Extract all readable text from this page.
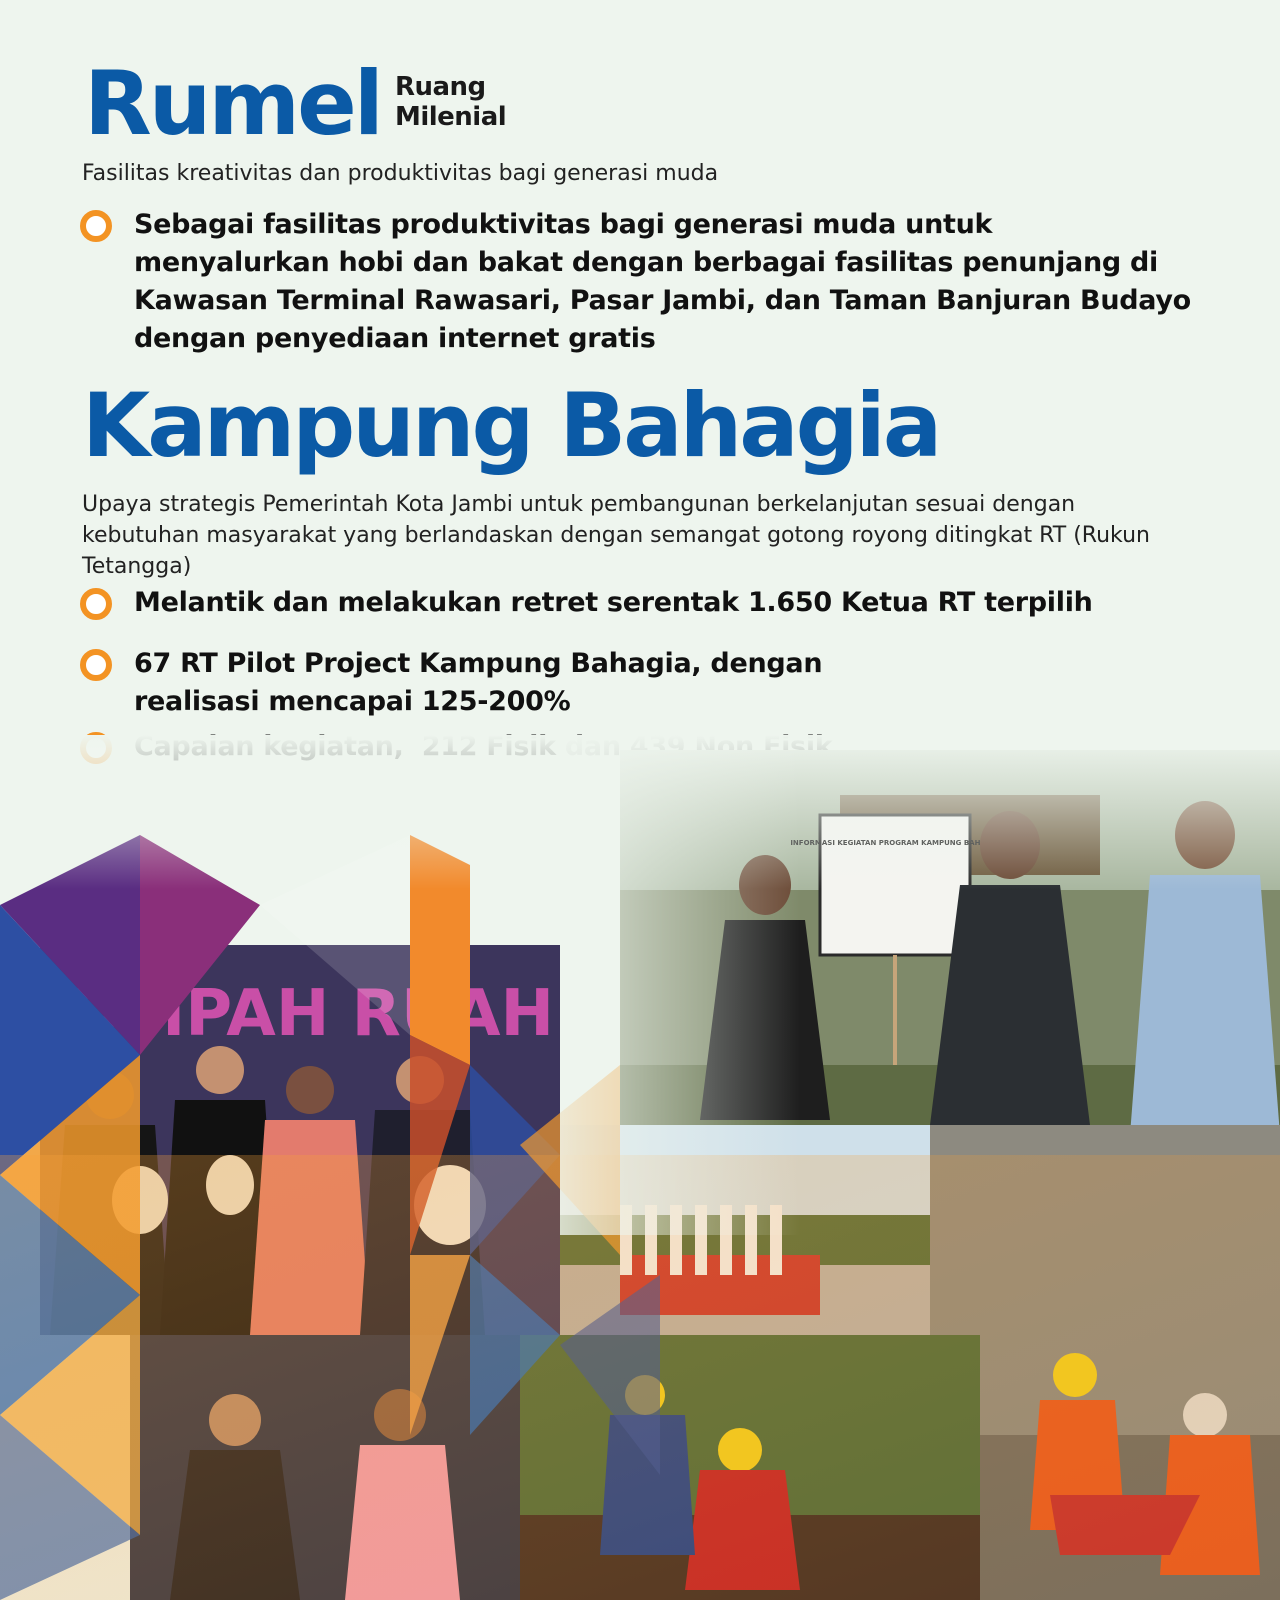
Rumel Ruang
Milenial
Fasilitas kreativitas dan produktivitas bagi generasi muda
Sebagai fasilitas produktivitas bagi generasi muda untuk menyalurkan hobi dan bakat dengan berbagai fasilitas penunjang di Kawasan Terminal Rawasari, Pasar Jambi, dan Taman Banjuran Budayo dengan penyediaan internet gratis
Kampung Bahagia
Upaya strategis Pemerintah Kota Jambi untuk pembangunan berkelanjutan sesuai dengan kebutuhan masyarakat yang berlandaskan dengan semangat gotong royong ditingkat RT (Rukun Tetangga)
Melantik dan melakukan retret serentak 1.650 Ketua RT terpilih
67 RT Pilot Project Kampung Bahagia, dengan realisasi mencapai 125-200%
